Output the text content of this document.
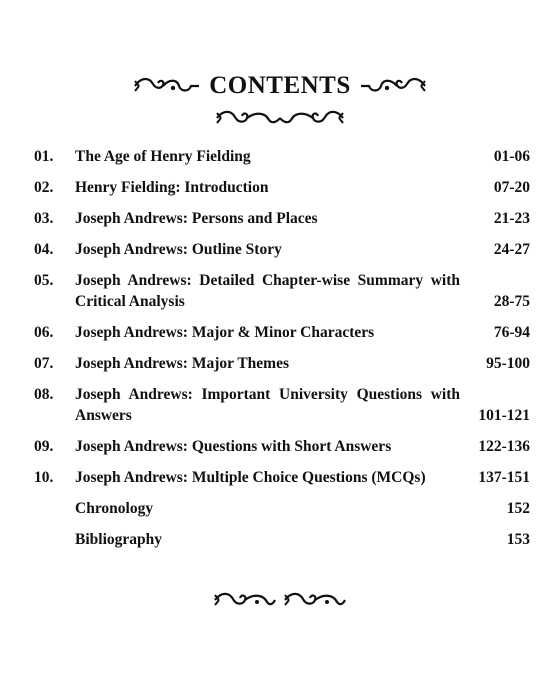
CONTENTS
01.	The Age of Henry Fielding	01-06
02.	Henry Fielding: Introduction	07-20
03.	Joseph Andrews: Persons and Places	21-23
04.	Joseph Andrews: Outline Story	24-27
05.	Joseph Andrews: Detailed Chapter-wise Summary with Critical Analysis	28-75
06.	Joseph Andrews: Major & Minor Characters	76-94
07.	Joseph Andrews: Major Themes	95-100
08.	Joseph Andrews: Important University Questions with Answers	101-121
09.	Joseph Andrews: Questions with Short Answers	122-136
10.	Joseph Andrews: Multiple Choice Questions (MCQs)	137-151
Chronology	152
Bibliography	153
